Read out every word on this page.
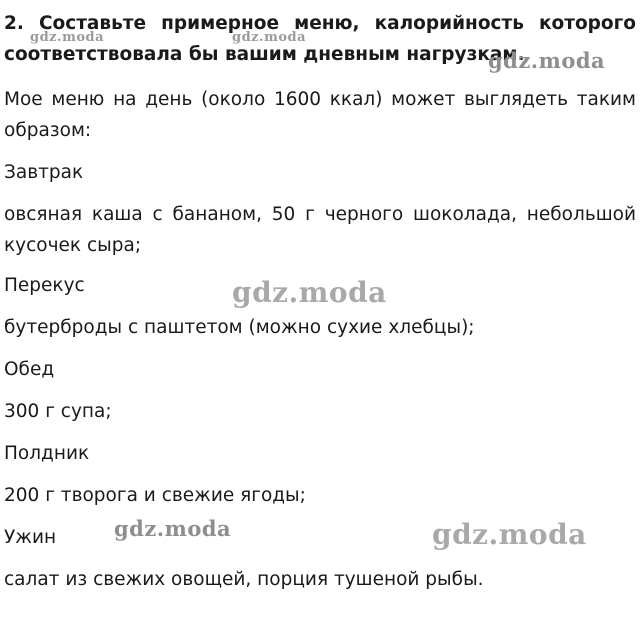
2. Составьте примерное меню, калорийность которого соответствовала бы вашим дневным нагрузкам.
Мое меню на день (около 1600 ккал) может выглядеть таким образом:
Завтрак
овсяная каша с бананом, 50 г черного шоколада, небольшой кусочек сыра;
Перекус
бутерброды с паштетом (можно сухие хлебцы);
Обед
300 г супа;
Полдник
200 г творога и свежие ягоды;
Ужин
салат из свежих овощей, порция тушеной рыбы.
gdz.moda	gdz.moda
gdz.moda
gdz.moda
gdz.moda	gdz.moda
